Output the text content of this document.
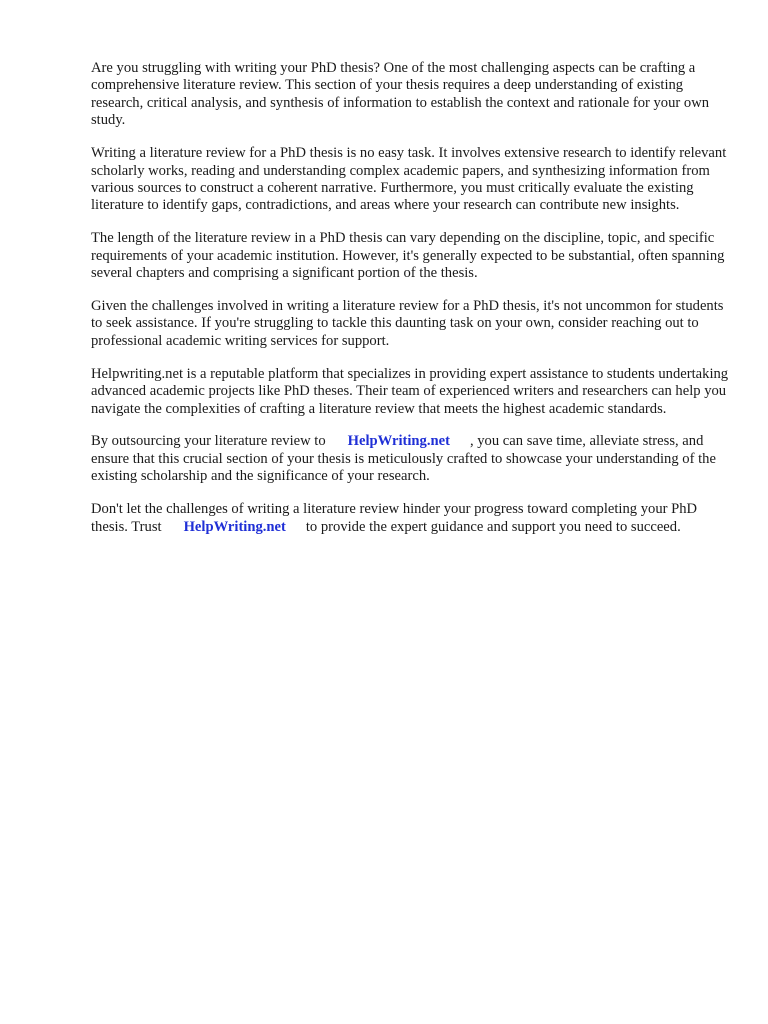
Are you struggling with writing your PhD thesis? One of the most challenging aspects can be crafting a comprehensive literature review. This section of your thesis requires a deep understanding of existing research, critical analysis, and synthesis of information to establish the context and rationale for your own study.

Writing a literature review for a PhD thesis is no easy task. It involves extensive research to identify relevant scholarly works, reading and understanding complex academic papers, and synthesizing information from various sources to construct a coherent narrative. Furthermore, you must critically evaluate the existing literature to identify gaps, contradictions, and areas where your research can contribute new insights.

The length of the literature review in a PhD thesis can vary depending on the discipline, topic, and specific requirements of your academic institution. However, it's generally expected to be substantial, often spanning several chapters and comprising a significant portion of the thesis.

Given the challenges involved in writing a literature review for a PhD thesis, it's not uncommon for students to seek assistance. If you're struggling to tackle this daunting task on your own, consider reaching out to professional academic writing services for support.

Helpwriting.net is a reputable platform that specializes in providing expert assistance to students undertaking advanced academic projects like PhD theses. Their team of experienced writers and researchers can help you navigate the complexities of crafting a literature review that meets the highest academic standards.

By outsourcing your literature review to HelpWriting.net , you can save time, alleviate stress, and ensure that this crucial section of your thesis is meticulously crafted to showcase your understanding of the existing scholarship and the significance of your research.

Don't let the challenges of writing a literature review hinder your progress toward completing your PhD thesis. Trust HelpWriting.net to provide the expert guidance and support you need to succeed.
